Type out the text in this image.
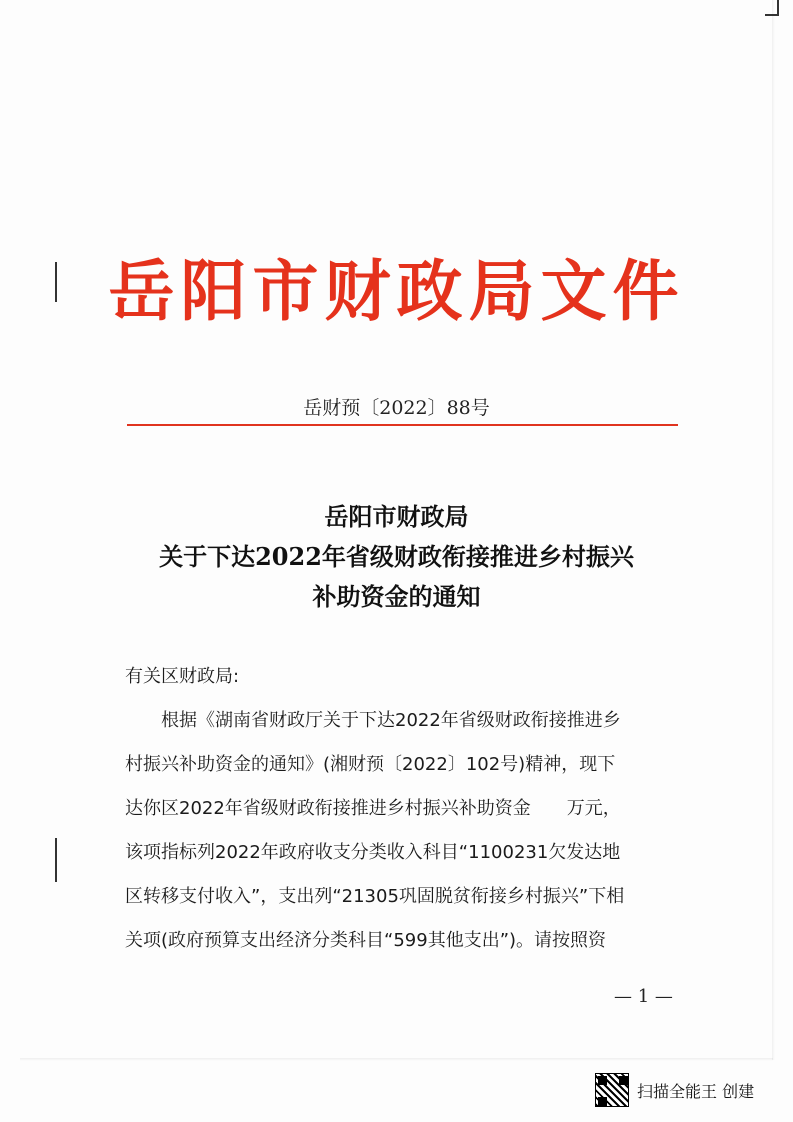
岳阳市财政局文件
岳财预〔2022〕88号
岳阳市财政局
关于下达2022年省级财政衔接推进乡村振兴
补助资金的通知
有关区财政局:
根据《湖南省财政厅关于下达2022年省级财政衔接推进乡
村振兴补助资金的通知》(湘财预〔2022〕102号)精神，现下
达你区2022年省级财政衔接推进乡村振兴补助资金　　万元，
该项指标列2022年政府收支分类收入科目“1100231欠发达地
区转移支付收入”，支出列“21305巩固脱贫衔接乡村振兴”下相
关项(政府预算支出经济分类科目“599其他支出”)。请按照资
— 1 —
扫描全能王 创建
